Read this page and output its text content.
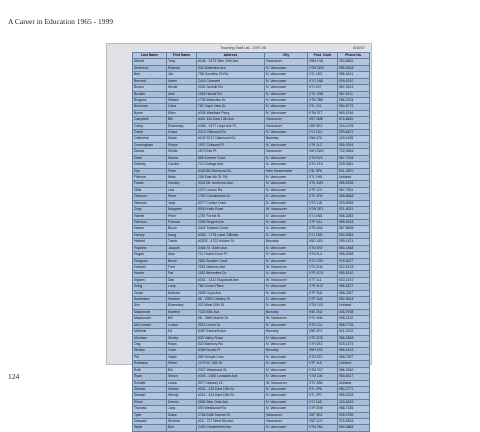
A Career in Education 1965 - 1999
Teaching Staff List - 1997-98	6/30/97
Last Name	First Name	Address	City	Post. Code	Phone No.
Abbott	Tony	#106 - 3275 Glen 10th Ave.	Vancouver	V5M 1X8	253-6502
Anderson	Roberta	344 Westview Ave.	N. Vancouver	V7M 2W4	988-5518
Bell	Jim	758 Goodlew Ct.Rd.	N. Vancouver	V7L 1D3	985-4411
Bennett	Karen	2443 Crescent	N. Vancouver	V7G 1N8	929-5210
Brown	Nicole	3341 Norfolk Rd.	N. Vancouver	V7J 2X7	987-0413
Buckler	Alan	1185 Harold Rd.	N. Vancouver	V7K 1W5	987-6111
Burgess	William	1705 Westview Dr.	N. Vancouver	V7M 3B8	986-2234
Burnham	Carla	752 Cape View Dr.	N. Vancouver	V7L 2J1	984-8773
Byrne	Ellen	#305 Westlake Pkwy	N. Vancouver	V7M 3T7	980-5746
Campbell	Bill	#401 434 East 14th Ave.	Vancouver	V5T 2M6	876-6620
Carey	Rosemary	#306 - 1977 Lloyd Ave Pl.	Vancouver	V6R 4E2	224-1075
Carter	Grace	2474 Cliffwood Rd.	N. Vancouver	V7J 1G2	929-6672
Catherine	Diane	#102 2217 Oakmount Dr.	Burnaby	V5A 4T5	420-1155
Cunningham	Robyn	1927 Colwood Pl.	N. Vancouver	V7K 1L2	985-0934
Davies	Sheila	1573 Elm Pl.	Vancouver	V6H 2W3	732-0846
Dean	Norma	565 Everine Court	N. Vancouver	V7N 3V3	987-7334
Doherty	Gordon	710 Cottage Ave.	N. Vancouver	V7G 1E4	929-3381
Dye	Peter	#405 88 Richmond St.	New Westminster	V3L 5P6	521-4870
Fillmore	Mark	206 East 4th St. Rd.	N. Vancouver	V7L 1H8	Unlisted
Fraser	Dorothy	3244 Mt. Anderson Ave.	N. Vancouver	V7K 2M3	985-5155
Gillis	Lisa	1227 Larson Rd.	N. Vancouver	V7P 1J3	987-7631
Gleason	Rene	1750 Chamberlain Dr.	N. Vancouver	V7K 1P6	988-8848
Glennon	Judy	4377 Curtice Drive	N. Vancouver	V7G 1J8	929-8098
Gray	Margaret	5930 Keith Road	W. Vancouver	V7W 2E1	921-6221
Harrell	Peter	1787 Forest St.	N. Vancouver	V7J 1N6	988-2283
Harrison	Frances	2066 Regent Ave.	N. Vancouver	V7P 2A1	985-9234
Hamm	Bruce	4424 Thames Court	N. Vancouver	V7R 4A6	987-8835
Harvey	Doug	#305 - 1778 Lazel Officials	N. Vancouver	V7J 1M5	984-9984
Helbert	Travis	#2203 - 4722 Holden St.	Burnaby	V5G 4Z4	299-1474
Hopkins	Jacquie	3464 St. Owen Ave.	N. Vancouver	V7N 3N7	980-1568
Hogan	Alan	711 Grand Cove Pl.	N. Vancouver	V7N 2L4	985-2068
Hodgson	Bruce	2862 Boulder Court	N. Vancouver	V7G 1R3	929-8227
Holland	Fred	2051 Mathers Ave.	W. Vancouver	V7V 2H4	922-0178
Hunter	Pat	1182 Belvedere Dr.	N. Vancouver	V7R 2C5	985-8210
Ingram	Dan	#301 - 1412 Esquimalt Ave.	W. Vancouver	V7T 1L1	922-1472
Irving	Larry	766 Crown Place	N. Vancouver	V7R 3H2	986-8127
Jonas	Barbara	2635 Lloyd Ave.	N. Vancouver	V7P 2N1	988-3357
Kaufmann	Heather	#5 - 2059 Chesley St.	N. Vancouver	V7P 1N4	980-9544
Kim	Rosemary	210 West 20th St.	N. Vancouver	V7M 1X5	Unlisted
Mackenzie	Marlene	7320 Ellis Ave.	Burnaby	V5E 2N2	436-9758
Macdonald	Bill	#8 - 3966 Marine Dr.	W. Vancouver	V7V 1N4	926-2115
McCormick	Louise	3515 Linton Dr.	N. Vancouver	V7R 2J4	985-7735
McBride	Ed	8497 Elsworth Ave.	Burnaby	V5E 2P1	521-3722
Morrison	Shirley	535 Valley Road	N. Vancouver	V7K 2C8	985-2558
Ong	Ralph	523 Warbury Rd.	N. Vancouver	V7H 2E2	929-1473
Nielsen	Clare	6355 Nordic Pl.	Burnaby	V5H 1S3	986-4125
Pitt	Gayle	350 Temple Cres.	N. Vancouver	V7N 3Z2	988-7287
Rollinson	Eileen	1275 W. 13th St.	N. Vancouver	V7P 1L6	Unlisted
Roth	Bill	2327 Westwood St.	N. Vancouver	V7M 2X7	986-2540
Ryan	Simon	#303 - 1650 Lonsdale Ave.	N. Vancouver	V7M 2J6	984-6617
Schafer	Laura	3077 Massey Dr.	W. Vancouver	V7V 2B6	Unlisted
Skinner	Debbie	#201 - 210 East 15th St.	N. Vancouver	V7L 2P6	980-2772
Stewart	Wendy	#214 - 410 East 15th St.	N. Vancouver	V7L 2P7	988-0153
Stone	Dennis	3656 Blue Gate Ave.	N. Vancouver	V7J 1A5	433-5425
Thomas	Judy	490 Westwood Rd.	N. Vancouver	V7P 2N9	986-7185
Tyler	Diane	1766 Keith Marine Dr.	Vancouver	V6P 3E4	926-0789
Vaswani	Shobha	#16 - 727 West 8th Ave.	Vancouver	V5Z 1C9	876-6533
Wylie	Bob	2490 Chesterfield Ave.	N. Vancouver	V7M 2N1	984-3884
124
